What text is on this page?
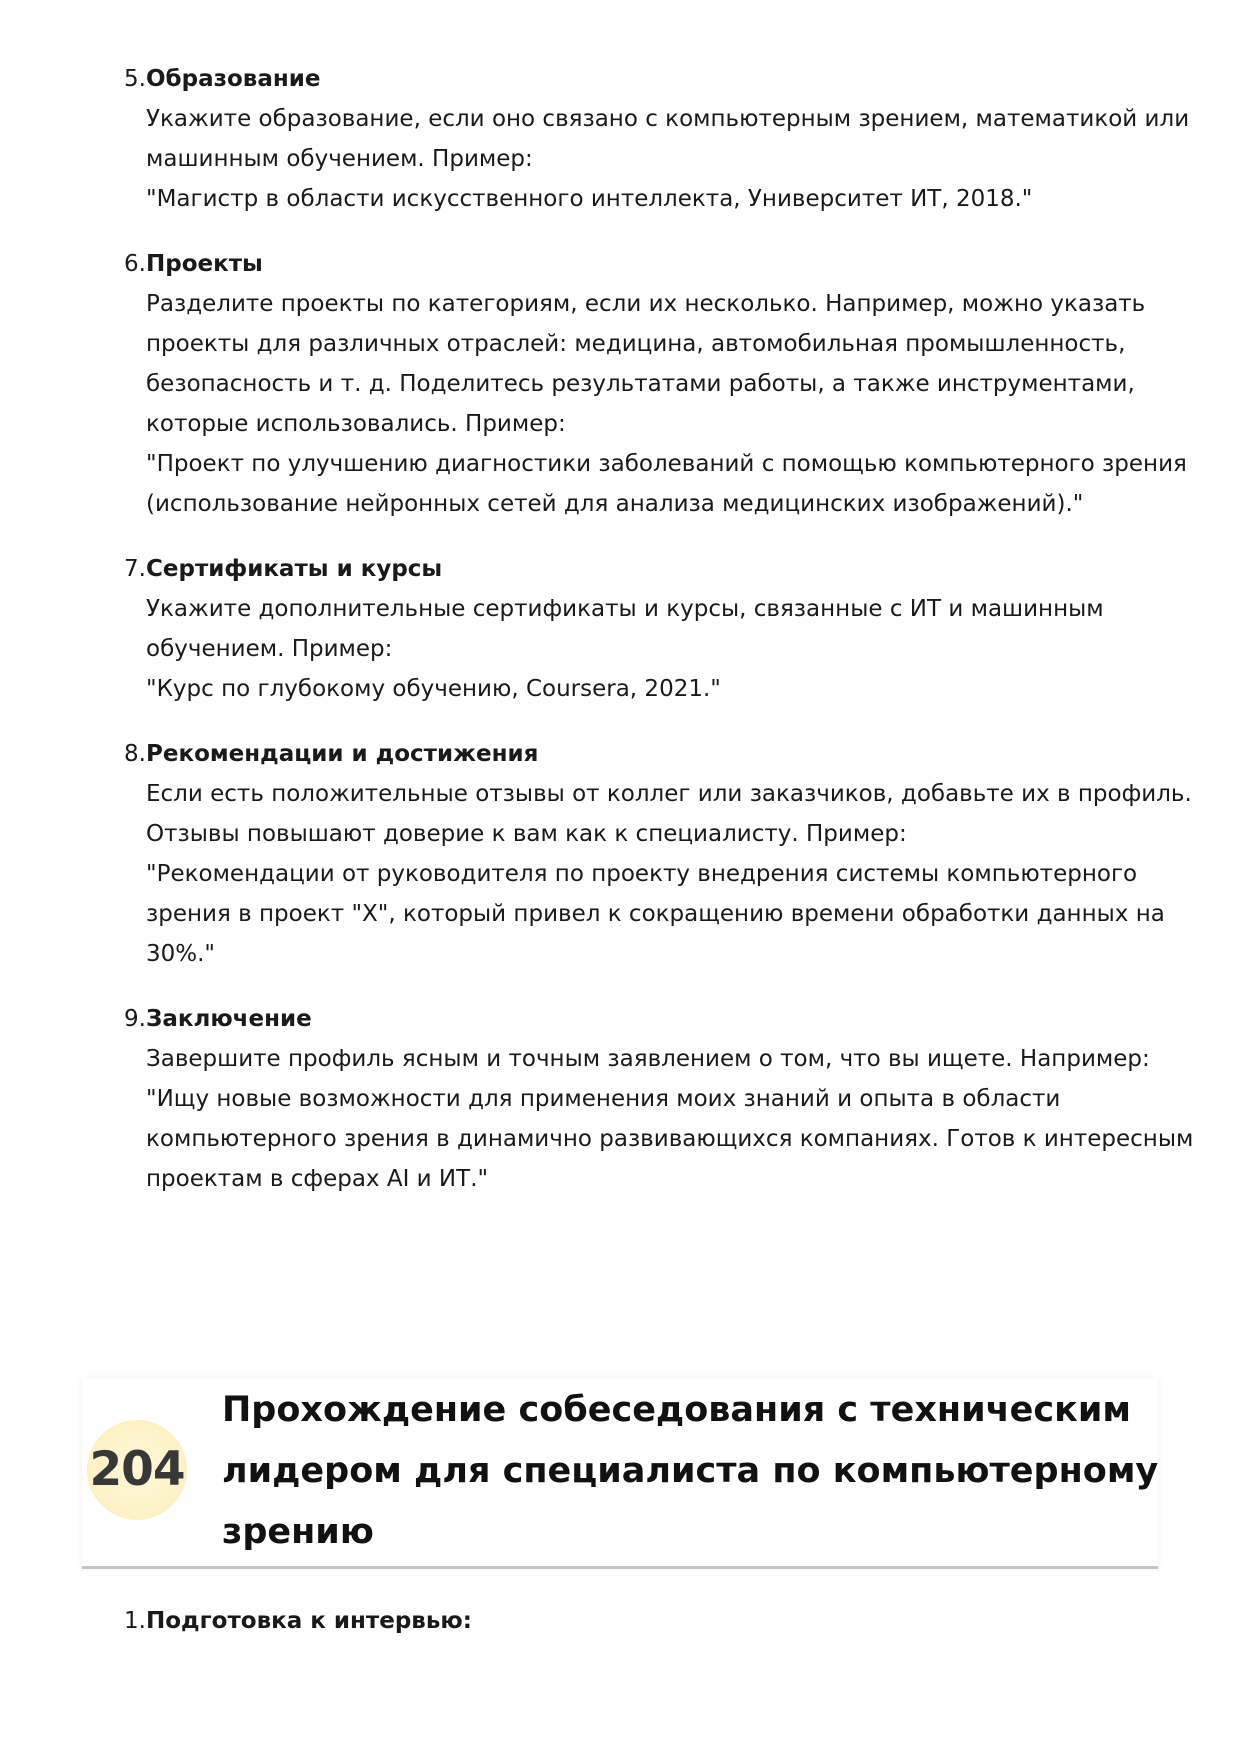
5. Образование
Укажите образование, если оно связано с компьютерным зрением, математикой или
машинным обучением. Пример:
"Магистр в области искусственного интеллекта, Университет ИТ, 2018."
6. Проекты
Разделите проекты по категориям, если их несколько. Например, можно указать
проекты для различных отраслей: медицина, автомобильная промышленность,
безопасность и т. д. Поделитесь результатами работы, а также инструментами,
которые использовались. Пример:
"Проект по улучшению диагностики заболеваний с помощью компьютерного зрения
(использование нейронных сетей для анализа медицинских изображений)."
7. Сертификаты и курсы
Укажите дополнительные сертификаты и курсы, связанные с ИТ и машинным
обучением. Пример:
"Курс по глубокому обучению, Coursera, 2021."
8. Рекомендации и достижения
Если есть положительные отзывы от коллег или заказчиков, добавьте их в профиль.
Отзывы повышают доверие к вам как к специалисту. Пример:
"Рекомендации от руководителя по проекту внедрения системы компьютерного
зрения в проект "X", который привел к сокращению времени обработки данных на
30%."
9. Заключение
Завершите профиль ясным и точным заявлением о том, что вы ищете. Например:
"Ищу новые возможности для применения моих знаний и опыта в области
компьютерного зрения в динамично развивающихся компаниях. Готов к интересным
проектам в сферах AI и ИТ."
204
Прохождение собеседования с техническим
лидером для специалиста по компьютерному
зрению
1. Подготовка к интервью:
